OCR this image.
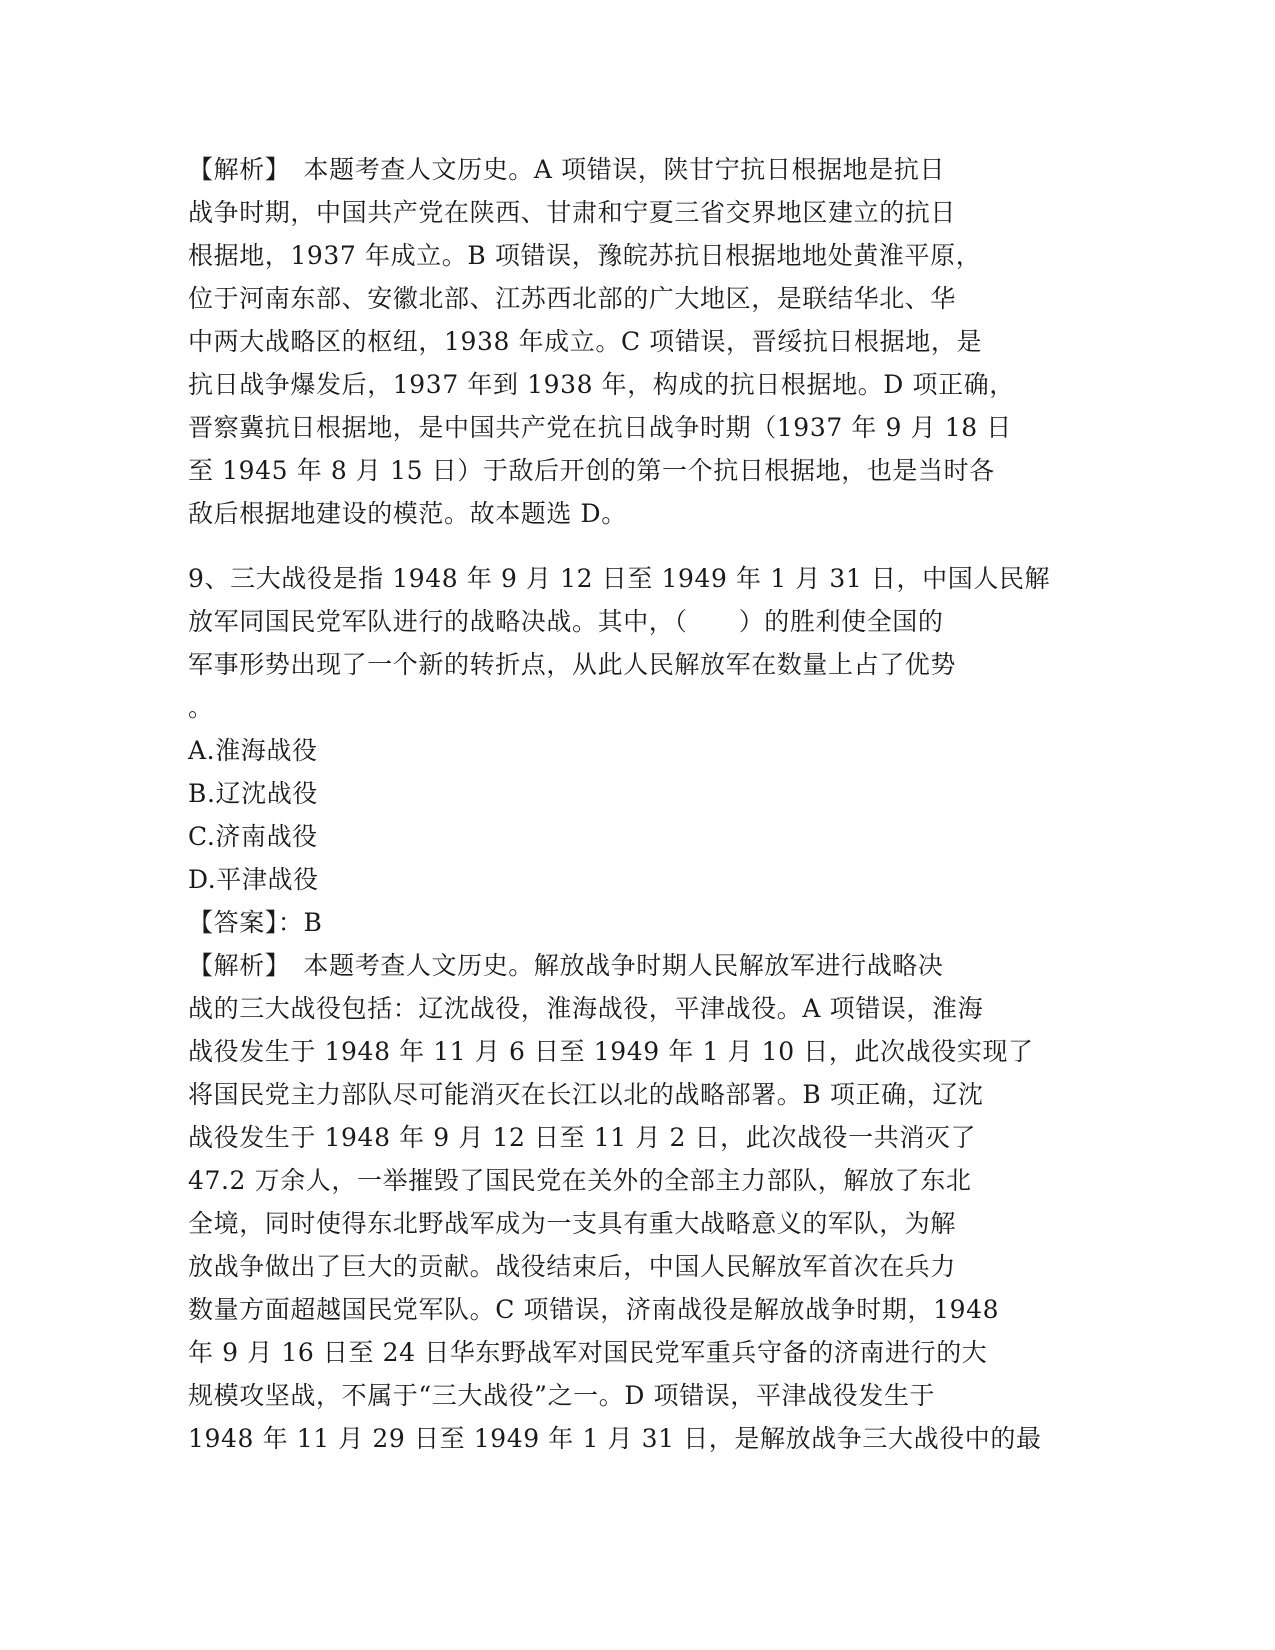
【解析】　本题考查人文历史。A 项错误，陕甘宁抗日根据地是抗日
战争时期，中国共产党在陕西、甘肃和宁夏三省交界地区建立的抗日
根据地，1937 年成立。B 项错误，豫皖苏抗日根据地地处黄淮平原，
位于河南东部、安徽北部、江苏西北部的广大地区，是联结华北、华
中两大战略区的枢纽，1938 年成立。C 项错误，晋绥抗日根据地，是
抗日战争爆发后，1937 年到 1938 年，构成的抗日根据地。D 项正确，
晋察冀抗日根据地，是中国共产党在抗日战争时期（1937 年 9 月 18 日
至 1945 年 8 月 15 日）于敌后开创的第一个抗日根据地，也是当时各
敌后根据地建设的模范。故本题选 D。
9、三大战役是指 1948 年 9 月 12 日至 1949 年 1 月 31 日，中国人民解
放军同国民党军队进行的战略决战。其中，（　　）的胜利使全国的
军事形势出现了一个新的转折点，从此人民解放军在数量上占了优势
。
A.淮海战役
B.辽沈战役
C.济南战役
D.平津战役
【答案】：B
【解析】　本题考查人文历史。解放战争时期人民解放军进行战略决
战的三大战役包括：辽沈战役，淮海战役，平津战役。A 项错误，淮海
战役发生于 1948 年 11 月 6 日至 1949 年 1 月 10 日，此次战役实现了
将国民党主力部队尽可能消灭在长江以北的战略部署。B 项正确，辽沈
战役发生于 1948 年 9 月 12 日至 11 月 2 日，此次战役一共消灭了
47.2 万余人，一举摧毁了国民党在关外的全部主力部队，解放了东北
全境，同时使得东北野战军成为一支具有重大战略意义的军队，为解
放战争做出了巨大的贡献。战役结束后，中国人民解放军首次在兵力
数量方面超越国民党军队。C 项错误，济南战役是解放战争时期，1948
年 9 月 16 日至 24 日华东野战军对国民党军重兵守备的济南进行的大
规模攻坚战，不属于“三大战役”之一。D 项错误，平津战役发生于
1948 年 11 月 29 日至 1949 年 1 月 31 日，是解放战争三大战役中的最
